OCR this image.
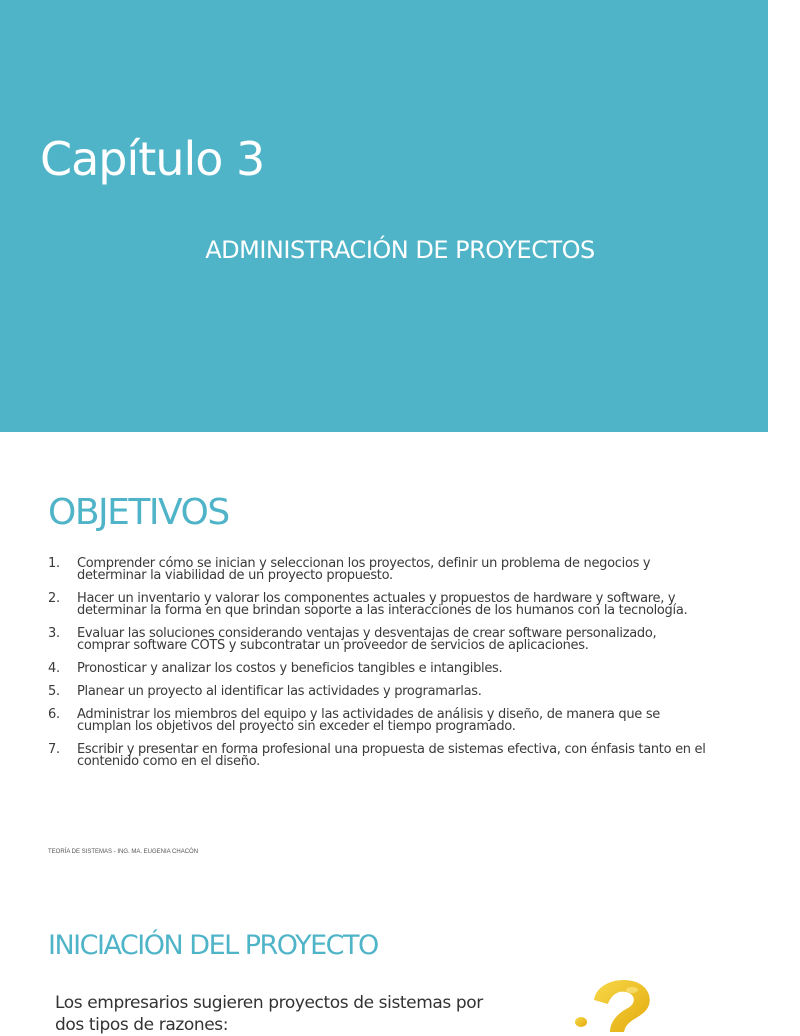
Capítulo 3
ADMINISTRACIÓN DE PROYECTOS
OBJETIVOS
1.	Comprender cómo se inician y seleccionan los proyectos, definir un problema de negocios y determinar la viabilidad de un proyecto propuesto.
2.	Hacer un inventario y valorar los componentes actuales y propuestos de hardware y software, y determinar la forma en que brindan soporte a las interacciones de los humanos con la tecnología.
3.	Evaluar las soluciones considerando ventajas y desventajas de crear software personalizado, comprar software COTS y subcontratar un proveedor de servicios de aplicaciones.
4.	Pronosticar y analizar los costos y beneficios tangibles e intangibles.
5.	Planear un proyecto al identificar las actividades y programarlas.
6.	Administrar los miembros del equipo y las actividades de análisis y diseño, de manera que se cumplan los objetivos del proyecto sin exceder el tiempo programado.
7.	Escribir y presentar en forma profesional una propuesta de sistemas efectiva, con énfasis tanto en el contenido como en el diseño.
TEORÍA DE SISTEMAS - ING. MA. EUGENIA CHACÓN
INICIACIÓN DEL PROYECTO

Los empresarios sugieren proyectos de sistemas por dos tipos de razones:
